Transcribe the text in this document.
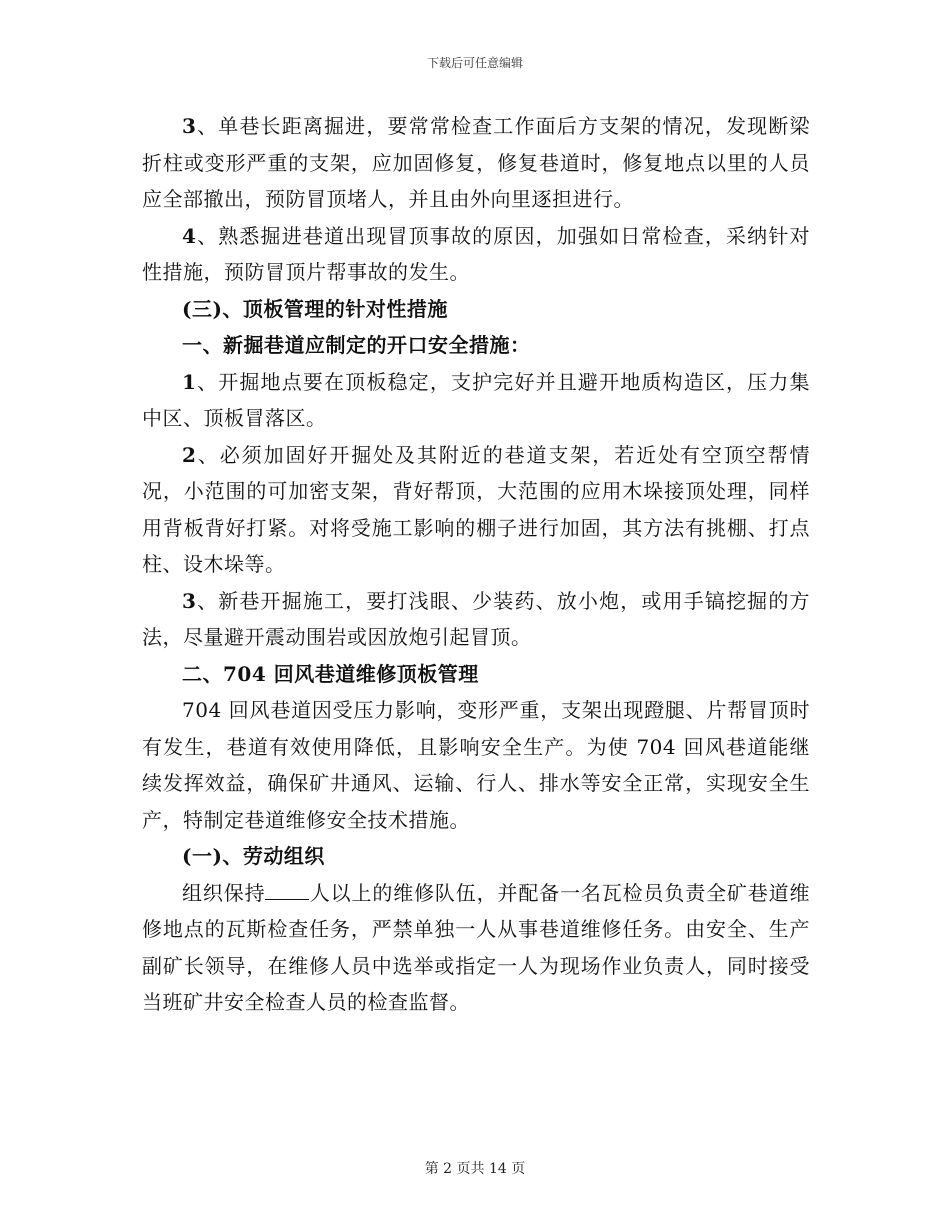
下载后可任意编辑

3、单巷长距离掘进，要常常检查工作面后方支架的情况，发现断梁折柱或变形严重的支架，应加固修复，修复巷道时，修复地点以里的人员应全部撤出，预防冒顶堵人，并且由外向里逐担进行。

4、熟悉掘进巷道出现冒顶事故的原因，加强如日常检查，采纳针对性措施，预防冒顶片帮事故的发生。

(三)、顶板管理的针对性措施

一、新掘巷道应制定的开口安全措施：

1、开掘地点要在顶板稳定，支护完好并且避开地质构造区，压力集中区、顶板冒落区。

2、必须加固好开掘处及其附近的巷道支架，若近处有空顶空帮情况，小范围的可加密支架，背好帮顶，大范围的应用木垛接顶处理，同样用背板背好打紧。对将受施工影响的棚子进行加固，其方法有挑棚、打点柱、设木垛等。

3、新巷开掘施工，要打浅眼、少装药、放小炮，或用手镐挖掘的方法，尽量避开震动围岩或因放炮引起冒顶。

二、704 回风巷道维修顶板管理

704 回风巷道因受压力影响，变形严重，支架出现蹬腿、片帮冒顶时有发生，巷道有效使用降低，且影响安全生产。为使 704 回风巷道能继续发挥效益，确保矿井通风、运输、行人、排水等安全正常，实现安全生产，特制定巷道维修安全技术措施。

(一)、劳动组织

组织保持 人以上的维修队伍，并配备一名瓦检员负责全矿巷道维修地点的瓦斯检查任务，严禁单独一人从事巷道维修任务。由安全、生产副矿长领导，在维修人员中选举或指定一人为现场作业负责人，同时接受当班矿井安全检查人员的检查监督。

第 2 页共 14 页
